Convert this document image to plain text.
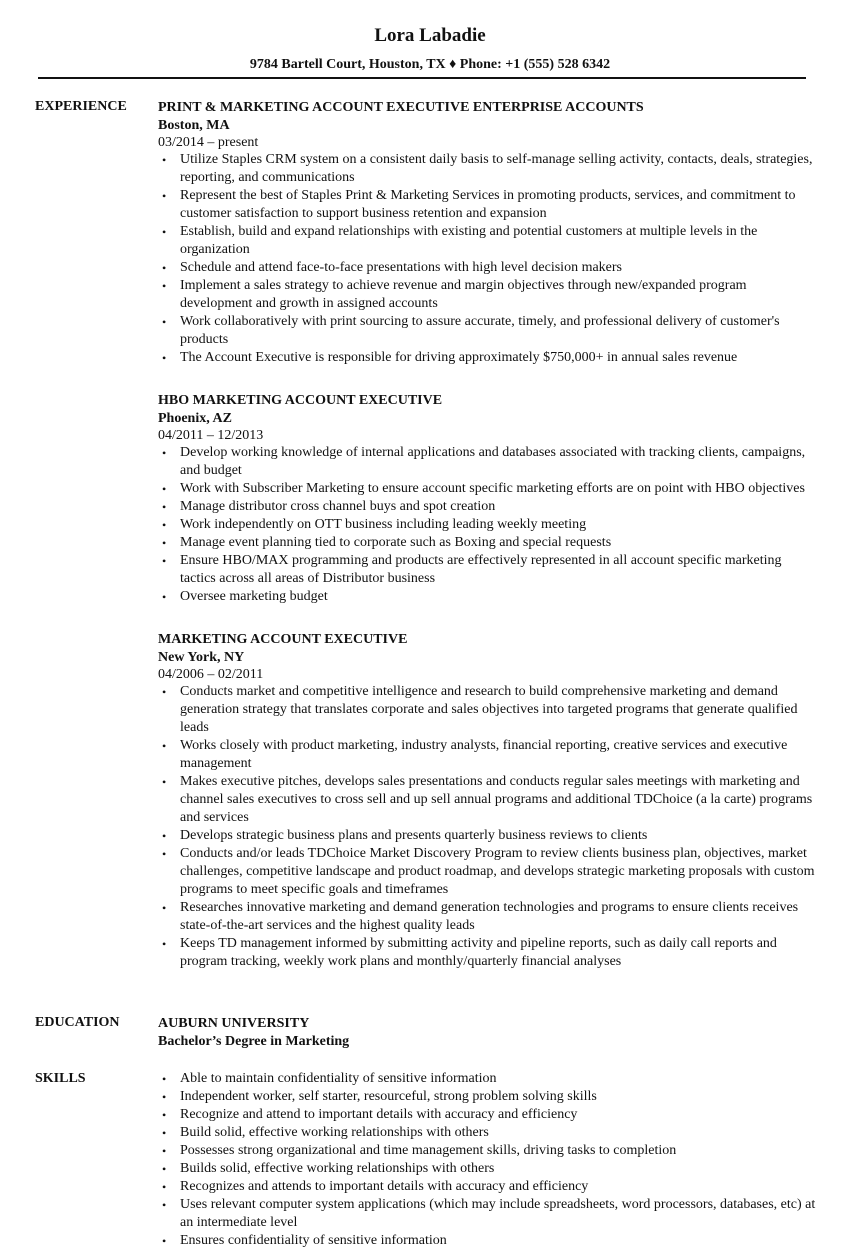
Lora Labadie
9784 Bartell Court, Houston, TX ♦ Phone: +1 (555) 528 6342
EXPERIENCE PRINT & MARKETING ACCOUNT EXECUTIVE ENTERPRISE ACCOUNTS
Boston, MA
03/2014 – present
• Utilize Staples CRM system on a consistent daily basis to self-manage selling activity, contacts, deals, strategies, reporting, and communications
• Represent the best of Staples Print & Marketing Services in promoting products, services, and commitment to customer satisfaction to support business retention and expansion
• Establish, build and expand relationships with existing and potential customers at multiple levels in the organization
• Schedule and attend face-to-face presentations with high level decision makers
• Implement a sales strategy to achieve revenue and margin objectives through new/expanded program development and growth in assigned accounts
• Work collaboratively with print sourcing to assure accurate, timely, and professional delivery of customer's products
• The Account Executive is responsible for driving approximately $750,000+ in annual sales revenue
HBO MARKETING ACCOUNT EXECUTIVE
Phoenix, AZ
04/2011 – 12/2013
• Develop working knowledge of internal applications and databases associated with tracking clients, campaigns, and budget
• Work with Subscriber Marketing to ensure account specific marketing efforts are on point with HBO objectives
• Manage distributor cross channel buys and spot creation
• Work independently on OTT business including leading weekly meeting
• Manage event planning tied to corporate such as Boxing and special requests
• Ensure HBO/MAX programming and products are effectively represented in all account specific marketing tactics across all areas of Distributor business
• Oversee marketing budget
MARKETING ACCOUNT EXECUTIVE
New York, NY
04/2006 – 02/2011
• Conducts market and competitive intelligence and research to build comprehensive marketing and demand generation strategy that translates corporate and sales objectives into targeted programs that generate qualified leads
• Works closely with product marketing, industry analysts, financial reporting, creative services and executive management
• Makes executive pitches, develops sales presentations and conducts regular sales meetings with marketing and channel sales executives to cross sell and up sell annual programs and additional TDChoice (a la carte) programs and services
• Develops strategic business plans and presents quarterly business reviews to clients
• Conducts and/or leads TDChoice Market Discovery Program to review clients business plan, objectives, market challenges, competitive landscape and product roadmap, and develops strategic marketing proposals with custom programs to meet specific goals and timeframes
• Researches innovative marketing and demand generation technologies and programs to ensure clients receives state-of-the-art services and the highest quality leads
• Keeps TD management informed by submitting activity and pipeline reports, such as daily call reports and program tracking, weekly work plans and monthly/quarterly financial analyses
EDUCATION	AUBURN UNIVERSITY
Bachelor’s Degree in Marketing
SKILLS	• Able to maintain confidentiality of sensitive information
• Independent worker, self starter, resourceful, strong problem solving skills
• Recognize and attend to important details with accuracy and efficiency
• Build solid, effective working relationships with others
• Possesses strong organizational and time management skills, driving tasks to completion
• Builds solid, effective working relationships with others
• Recognizes and attends to important details with accuracy and efficiency
• Uses relevant computer system applications (which may include spreadsheets, word processors, databases, etc) at an intermediate level
• Ensures confidentiality of sensitive information
